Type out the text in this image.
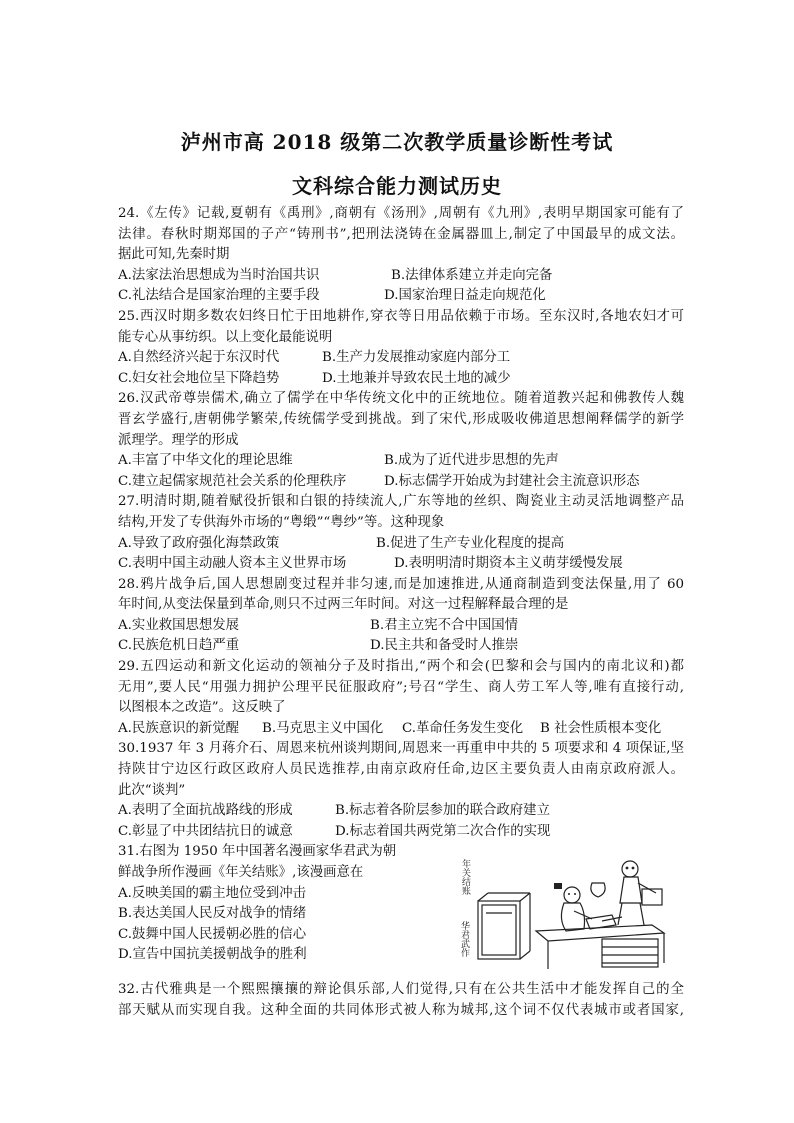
泸州市高 2018 级第二次教学质量诊断性考试
文科综合能力测试历史
24.《左传》记载,夏朝有《禹刑》,商朝有《汤刑》,周朝有《九刑》,表明早期国家可能有了
法律。春秋时期郑国的子产“铸刑书”,把刑法浇铸在金属器皿上,制定了中国最早的成文法。
据此可知,先秦时期
A.法家法治思想成为当时治国共识	B.法律体系建立并走向完备
C.礼法结合是国家治理的主要手段	D.国家治理日益走向规范化
25.西汉时期多数农妇终日忙于田地耕作,穿衣等日用品依赖于市场。至东汉时,各地农妇才可
能专心从事纺织。以上变化最能说明
A.自然经济兴起于东汉时代	B.生产力发展推动家庭内部分工
C.妇女社会地位呈下降趋势	D.土地兼并导致农民土地的减少
26.汉武帝尊崇儒术,确立了儒学在中华传统文化中的正统地位。随着道教兴起和佛教传人魏
晋玄学盛行,唐朝佛学繁荣,传统儒学受到挑战。到了宋代,形成吸收佛道思想阐释儒学的新学
派理学。理学的形成
A.丰富了中华文化的理论思维	B.成为了近代进步思想的先声
C.建立起儒家规范社会关系的伦理秩序	D.标志儒学开始成为封建社会主流意识形态
27.明清时期,随着赋役折银和白银的持续流人,广东等地的丝织、陶瓷业主动灵活地调整产品
结构,开发了专供海外市场的“粤缎”“粤纱”等。这种现象
A.导致了政府强化海禁政策	B.促进了生产专业化程度的提高
C.表明中国主动融人资本主义世界市场	D.表明明清时期资本主义萌芽缓慢发展
28.鸦片战争后,国人思想剧变过程并非匀速,而是加速推进,从通商制造到变法保量,用了 60
年时间,从变法保量到革命,则只不过两三年时间。对这一过程解释最合理的是
A.实业救国思想发展	B.君主立宪不合中国国情
C.民族危机日趋严重	D.民主共和备受时人推崇
29.五四运动和新文化运动的领袖分子及时指出,“两个和会(巴黎和会与国内的南北议和)都
无用”,要人民“用强力拥护公理平民征服政府”;号召“学生、商人劳工军人等,唯有直接行动,
以图根本之改造”。这反映了
A.民族意识的新觉醒	B.马克思主义中国化	C.革命任务发生变化	B 社会性质根本变化
30.1937 年 3 月蒋介石、周恩来杭州谈判期间,周恩来一再重申中共的 5 项要求和 4 项保证,坚
持陕甘宁边区行政区政府人员民选推荐,由南京政府任命,边区主要负责人由南京政府派人。
此次“谈判”
A.表明了全面抗战路线的形成	B.标志着各阶层参加的联合政府建立
C.彰显了中共团结抗日的诚意	D.标志着国共两党第二次合作的实现
31.右图为 1950 年中国著名漫画家华君武为朝
鲜战争所作漫画《年关结账》,该漫画意在
A.反映美国的霸主地位受到冲击
B.表达美国人民反对战争的情绪
C.鼓舞中国人民援朝必胜的信心
D.宣告中国抗美援朝战争的胜利
32.古代雅典是一个熙熙攘攘的辩论俱乐部,人们觉得,只有在公共生活中才能发挥自己的全
部天赋从而实现自我。这种全面的共同体形式被人称为城邦,这个词不仅代表城市或者国家,
年关结账
华君武作
